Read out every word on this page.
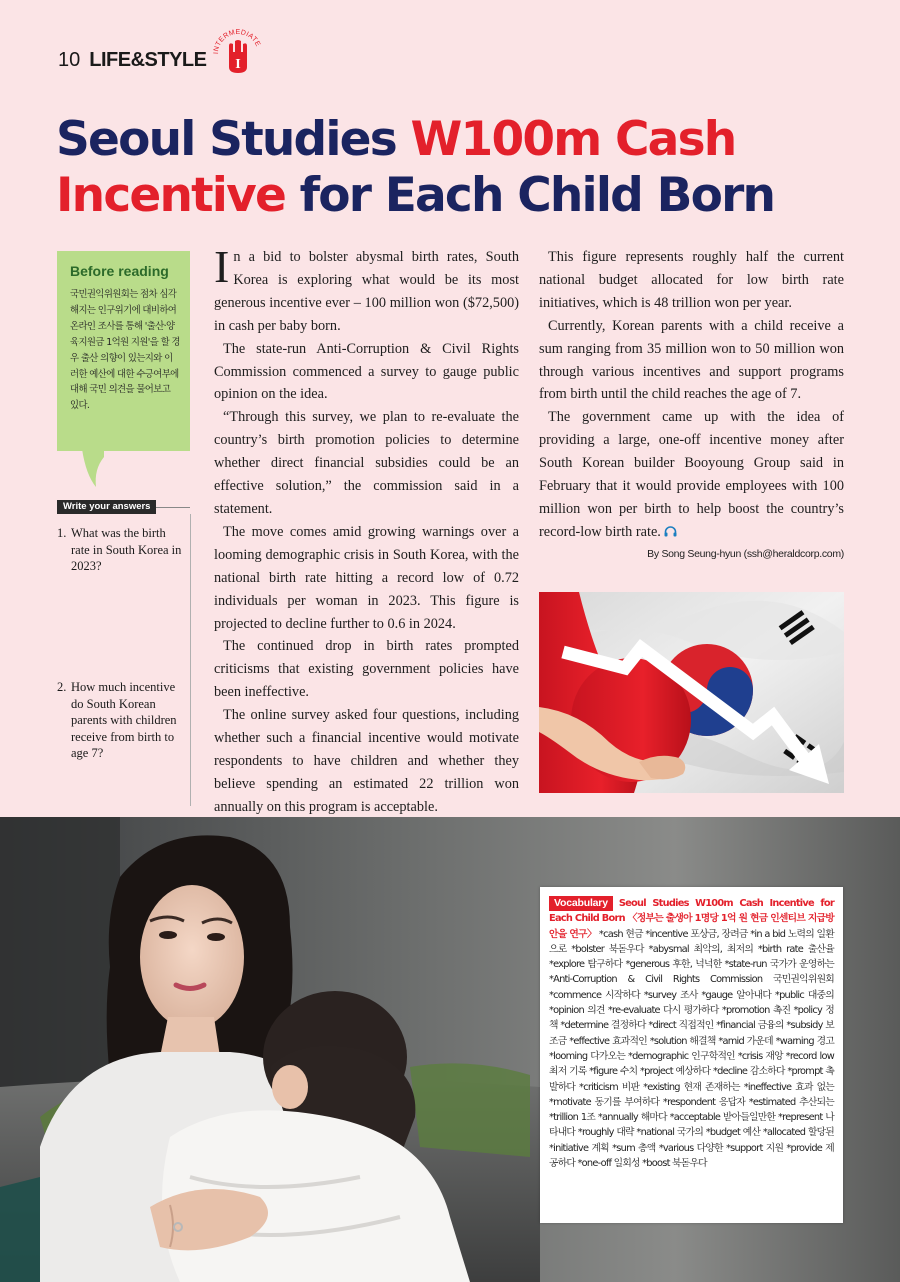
10 LIFE&STYLE INTERMEDIATE
I
Seoul Studies W100m Cash
Incentive for Each Child Born
Before reading

국민권익위원회는 점차 심각해지는 인구위기에 대비하여 온라인 조사를 통해 '출산·양육지원금 1억원 지원'을 할 경우 출산 의향이 있는지와 이러한 예산에 대한 수긍여부에 대해 국민 의견을 물어보고 있다.

Write your answers
1. What was the birth rate in South Korea in 2023?
2. How much incentive do South Korean parents with children receive from birth to age 7?

In a bid to bolster abysmal birth rates, South Korea is exploring what would be its most generous incentive ever – 100 million won ($72,500) in cash per baby born.

The state-run Anti-Corruption & Civil Rights Commission commenced a survey to gauge public opinion on the idea.

“Through this survey, we plan to re-evaluate the country’s birth promotion policies to determine whether direct financial subsidies could be an effective solution,” the commission said in a statement.

The move comes amid growing warnings over a looming demographic crisis in South Korea, with the national birth rate hitting a record low of 0.72 individuals per woman in 2023. This figure is projected to decline further to 0.6 in 2024.

The continued drop in birth rates prompted criticisms that existing government policies have been ineffective.

The online survey asked four questions, including whether such a financial incentive would motivate respondents to have children and whether they believe spending an estimated 22 trillion won annually on this program is acceptable.

This figure represents roughly half the current national budget allocated for low birth rate initiatives, which is 48 trillion won per year.

Currently, Korean parents with a child receive a sum ranging from 35 million won to 50 million won through various incentives and support programs from birth until the child reaches the age of 7.

The government came up with the idea of providing a large, one-off incentive money after South Korean builder Booyoung Group said in February that it would provide employees with 100 million won per birth to help boost the country’s record-low birth rate.

By Song Seung-hyun (ssh@heraldcorp.com)
Vocabulary Seoul Studies W100m Cash Incentive for Each Child Born 〈정부는 출생아 1명당 1억 원 현금 인센티브 지급방안을 연구〉 *cash 현금 *incentive 포상금, 장려금 *in a bid 노력의 일환으로 *bolster 북돋우다 *abysmal 최악의, 최저의 *birth rate 출산율 *explore 탐구하다 *generous 후한, 넉넉한 *state-run 국가가 운영하는 *Anti-Corruption & Civil Rights Commission 국민권익위원회 *commence 시작하다 *survey 조사 *gauge 알아내다 *public 대중의 *opinion 의견 *re-evaluate 다시 평가하다 *promotion 촉진 *policy 정책 *determine 결정하다 *direct 직접적인 *financial 금융의 *subsidy 보조금 *effective 효과적인 *solution 해결책 *amid 가운데 *warning 경고 *looming 다가오는 *demographic 인구학적인 *crisis 재앙 *record low 최저 기록 *figure 수치 *project 예상하다 *decline 감소하다 *prompt 촉발하다 *criticism 비판 *existing 현재 존재하는 *ineffective 효과 없는 *motivate 동기를 부여하다 *respondent 응답자 *estimated 추산되는 *trillion 1조 *annually 해마다 *acceptable 받아들일만한 *represent 나타내다 *roughly 대략 *national 국가의 *budget 예산 *allocated 할당된 *initiative 계획 *sum 총액 *various 다양한 *support 지원 *provide 제공하다 *one-off 일회성 *boost 북돋우다
